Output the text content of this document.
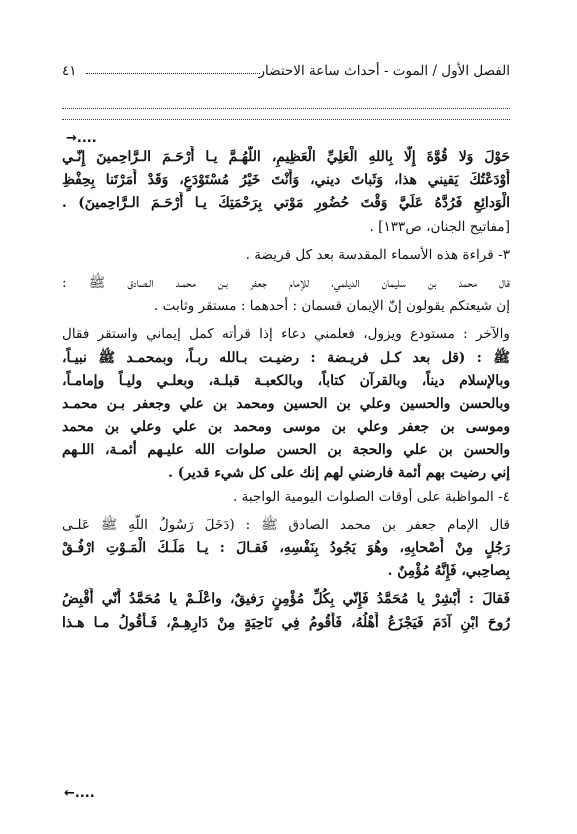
الفصل الأول / الموت - أحداث ساعة الاحتضار
٤١
→....
حَوْلَ وَلا قُوَّةَ إِلَّا بِاللهِ الْعَلِيِّ الْعَظِيمِ، اللّهُـمَّ يـا أَرْحَـمَ الـرَّاحِمينَ إِنّـي
أَوْدَعْتُكَ يَقيني هذا، وَثَباتَ ديني، وَأَنْتَ خَيْرُ مُسْتَوْدَعٍ، وَقَدْ أَمَرْتَنا بِحِفْظِ
الْوَدائِعِ فَرُدَّهُ عَلَيَّ وَقْتَ حُضُورِ مَوْتي بِرَحْمَتِكَ يـا أَرْحَـمَ الـرَّاحِمينَ) .
[مفاتيح الجنان، ص١٣٣] .
٣- قراءة هذه الأسماء المقدسة بعد كل فريضة .
قال محمد بن سليمان الديلمي، للإمام جعفر بـن محمـد الـصادق ﷺ :
إن شيعتكم يقولون إنّ الإيمان قسمان : أحدهما : مستقر وثابت .
والآخر : مستودع ويزول، فعلمني دعاء إذا قرأته كمل إيماني واستقر فقال
ﷺ : (قل بعد كـل فريـضة : رضيـت بـالله ربـاً، وبمحمـد ﷺ نبيـاً،
وبالإسلام ديناً، وبالقرآن كتاباً، وبالكعبـة قبلـة، وبعلـي وليـاً وإمامـاً،
وبالحسن والحسين وعلي بن الحسين ومحمد بن علي وجعفر بـن محمـد
وموسى بن جعفر وعلي بن موسى ومحمد بن علي وعلي بن محمد
والحسن بن علي والحجة بن الحسن صلوات الله عليـهم أئمـة، اللـهم
إني رضيت بهم أئمة فارضني لهم إنك على كل شيء قدير) .
٤- المواظبة على أوقات الصلوات اليومية الواجبة .
قال الإمام جعفر بن محمد الصادق ﷺ : (دَخَلَ رَسُولُ اللّهِ ﷺ عَلـى
رَجُلٍ مِنْ أَصْحابِهِ، وهُوَ يَجُودُ بِنَفْسِهِ، فَقـالَ : يـا مَلَـكَ الْمَـوْتِ ارْفُـقْ
بِصاحِبي، فَإِنَّهُ مُؤْمِنٌ .
فَقالَ : أَبْشِرْ يا مُحَمَّدُ فَإِنّي بِكُلِّ مُؤْمِنٍ رَفيقٌ، واعْلَـمْ يا مُحَمَّدُ أَنّي أَقْبِضُ
رُوحَ ابْنِ آدَمَ فَيَجْزَعُ أَهْلُهُ، فَأَقُومُ فِي نَاحِيَةٍ مِنْ دَارِهِـمْ، فَـأَقُولُ مـا هـذا
←....
